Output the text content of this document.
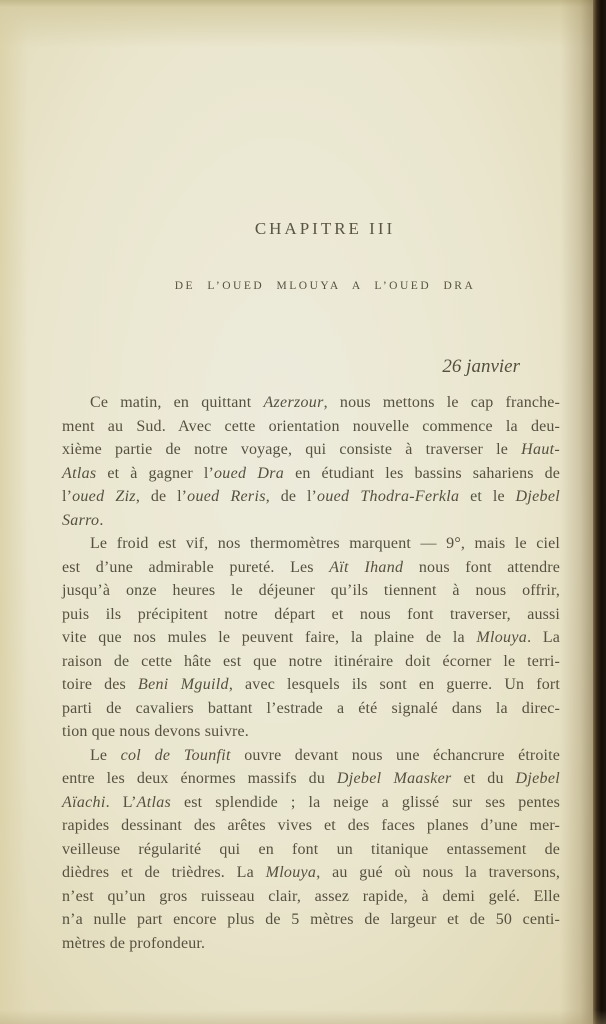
CHAPITRE III
DE L’OUED MLOUYA A L’OUED DRA
26 janvier
Ce matin, en quittant Azerzour, nous mettons le cap franche-
ment au Sud. Avec cette orientation nouvelle commence la deu-
xième partie de notre voyage, qui consiste à traverser le Haut-
Atlas et à gagner l’oued Dra en étudiant les bassins sahariens de
l’oued Ziz, de l’oued Reris, de l’oued Thodra-Ferkla et le Djebel
Sarro.
Le froid est vif, nos thermomètres marquent — 9°, mais le ciel
est d’une admirable pureté. Les Aït Ihand nous font attendre
jusqu’à onze heures le déjeuner qu’ils tiennent à nous offrir,
puis ils précipitent notre départ et nous font traverser, aussi
vite que nos mules le peuvent faire, la plaine de la Mlouya. La
raison de cette hâte est que notre itinéraire doit écorner le terri-
toire des Beni Mguild, avec lesquels ils sont en guerre. Un fort
parti de cavaliers battant l’estrade a été signalé dans la direc-
tion que nous devons suivre.
Le col de Tounfit ouvre devant nous une échancrure étroite
entre les deux énormes massifs du Djebel Maasker et du Djebel
Aïachi. L’Atlas est splendide ; la neige a glissé sur ses pentes
rapides dessinant des arêtes vives et des faces planes d’une mer-
veilleuse régularité qui en font un titanique entassement de
dièdres et de trièdres. La Mlouya, au gué où nous la traversons,
n’est qu’un gros ruisseau clair, assez rapide, à demi gelé. Elle
n’a nulle part encore plus de 5 mètres de largeur et de 50 centi-
mètres de profondeur.
